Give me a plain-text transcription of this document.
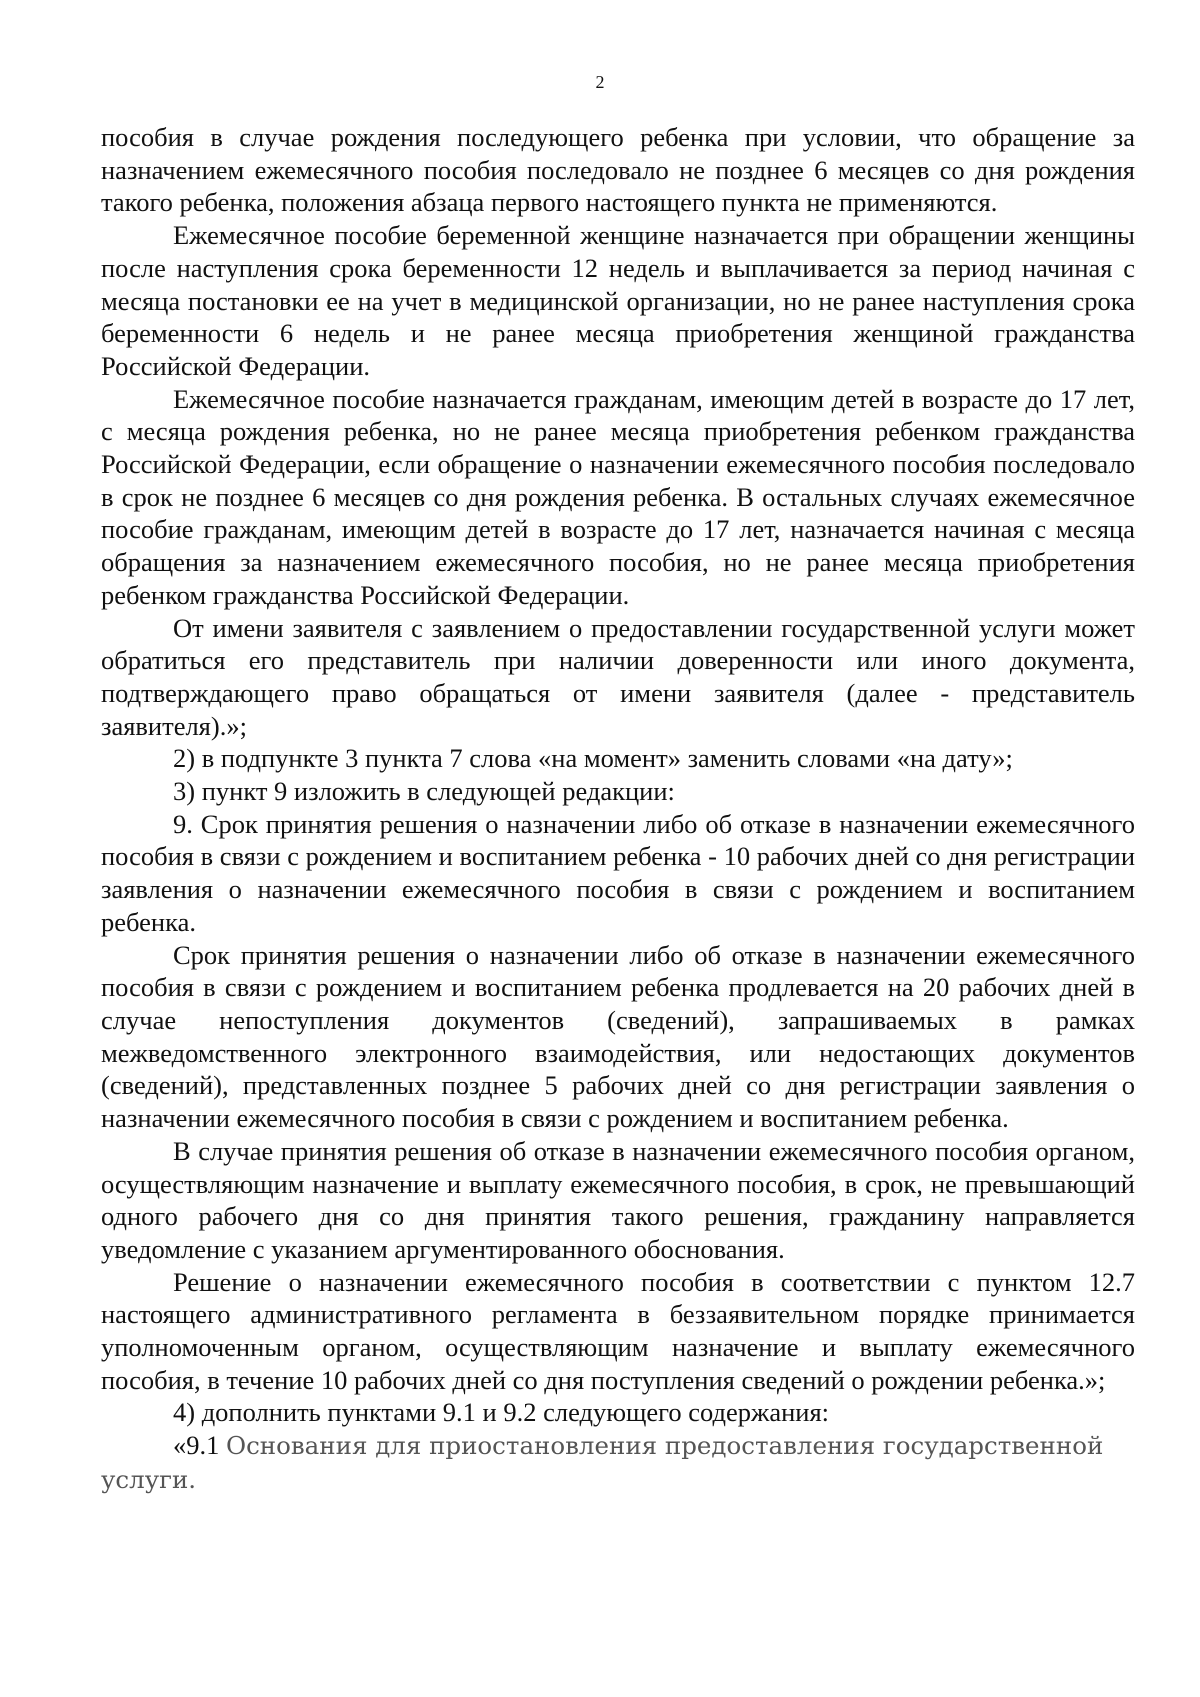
2

пособия в случае рождения последующего ребенка при условии, что обращение за назначением ежемесячного пособия последовало не позднее 6 месяцев со дня рождения такого ребенка, положения абзаца первого настоящего пункта не применяются.

Ежемесячное пособие беременной женщине назначается при обращении женщины после наступления срока беременности 12 недель и выплачивается за период начиная с месяца постановки ее на учет в медицинской организации, но не ранее наступления срока беременности 6 недель и не ранее месяца приобретения женщиной гражданства Российской Федерации.

Ежемесячное пособие назначается гражданам, имеющим детей в возрасте до 17 лет, с месяца рождения ребенка, но не ранее месяца приобретения ребенком гражданства Российской Федерации, если обращение о назначении ежемесячного пособия последовало в срок не позднее 6 месяцев со дня рождения ребенка. В остальных случаях ежемесячное пособие гражданам, имеющим детей в возрасте до 17 лет, назначается начиная с месяца обращения за назначением ежемесячного пособия, но не ранее месяца приобретения ребенком гражданства Российской Федерации.

От имени заявителя с заявлением о предоставлении государственной услуги может обратиться его представитель при наличии доверенности или иного документа, подтверждающего право обращаться от имени заявителя (далее - представитель заявителя).»;

2) в подпункте 3 пункта 7 слова «на момент» заменить словами «на дату»;

3) пункт 9 изложить в следующей редакции:

9. Срок принятия решения о назначении либо об отказе в назначении ежемесячного пособия в связи с рождением и воспитанием ребенка - 10 рабочих дней со дня регистрации заявления о назначении ежемесячного пособия в связи с рождением и воспитанием ребенка.

Срок принятия решения о назначении либо об отказе в назначении ежемесячного пособия в связи с рождением и воспитанием ребенка продлевается на 20 рабочих дней в случае непоступления документов (сведений), запрашиваемых в рамках межведомственного электронного взаимодействия, или недостающих документов (сведений), представленных позднее 5 рабочих дней со дня регистрации заявления о назначении ежемесячного пособия в связи с рождением и воспитанием ребенка.

В случае принятия решения об отказе в назначении ежемесячного пособия органом, осуществляющим назначение и выплату ежемесячного пособия, в срок, не превышающий одного рабочего дня со дня принятия такого решения, гражданину направляется уведомление с указанием аргументированного обоснования.

Решение о назначении ежемесячного пособия в соответствии с пунктом 12.7 настоящего административного регламента в беззаявительном порядке принимается уполномоченным органом, осуществляющим назначение и выплату ежемесячного пособия, в течение 10 рабочих дней со дня поступления сведений о рождении ребенка.»;

4) дополнить пунктами 9.1 и 9.2 следующего содержания:

«9.1 Основания для приостановления предоставления государственной услуги.
